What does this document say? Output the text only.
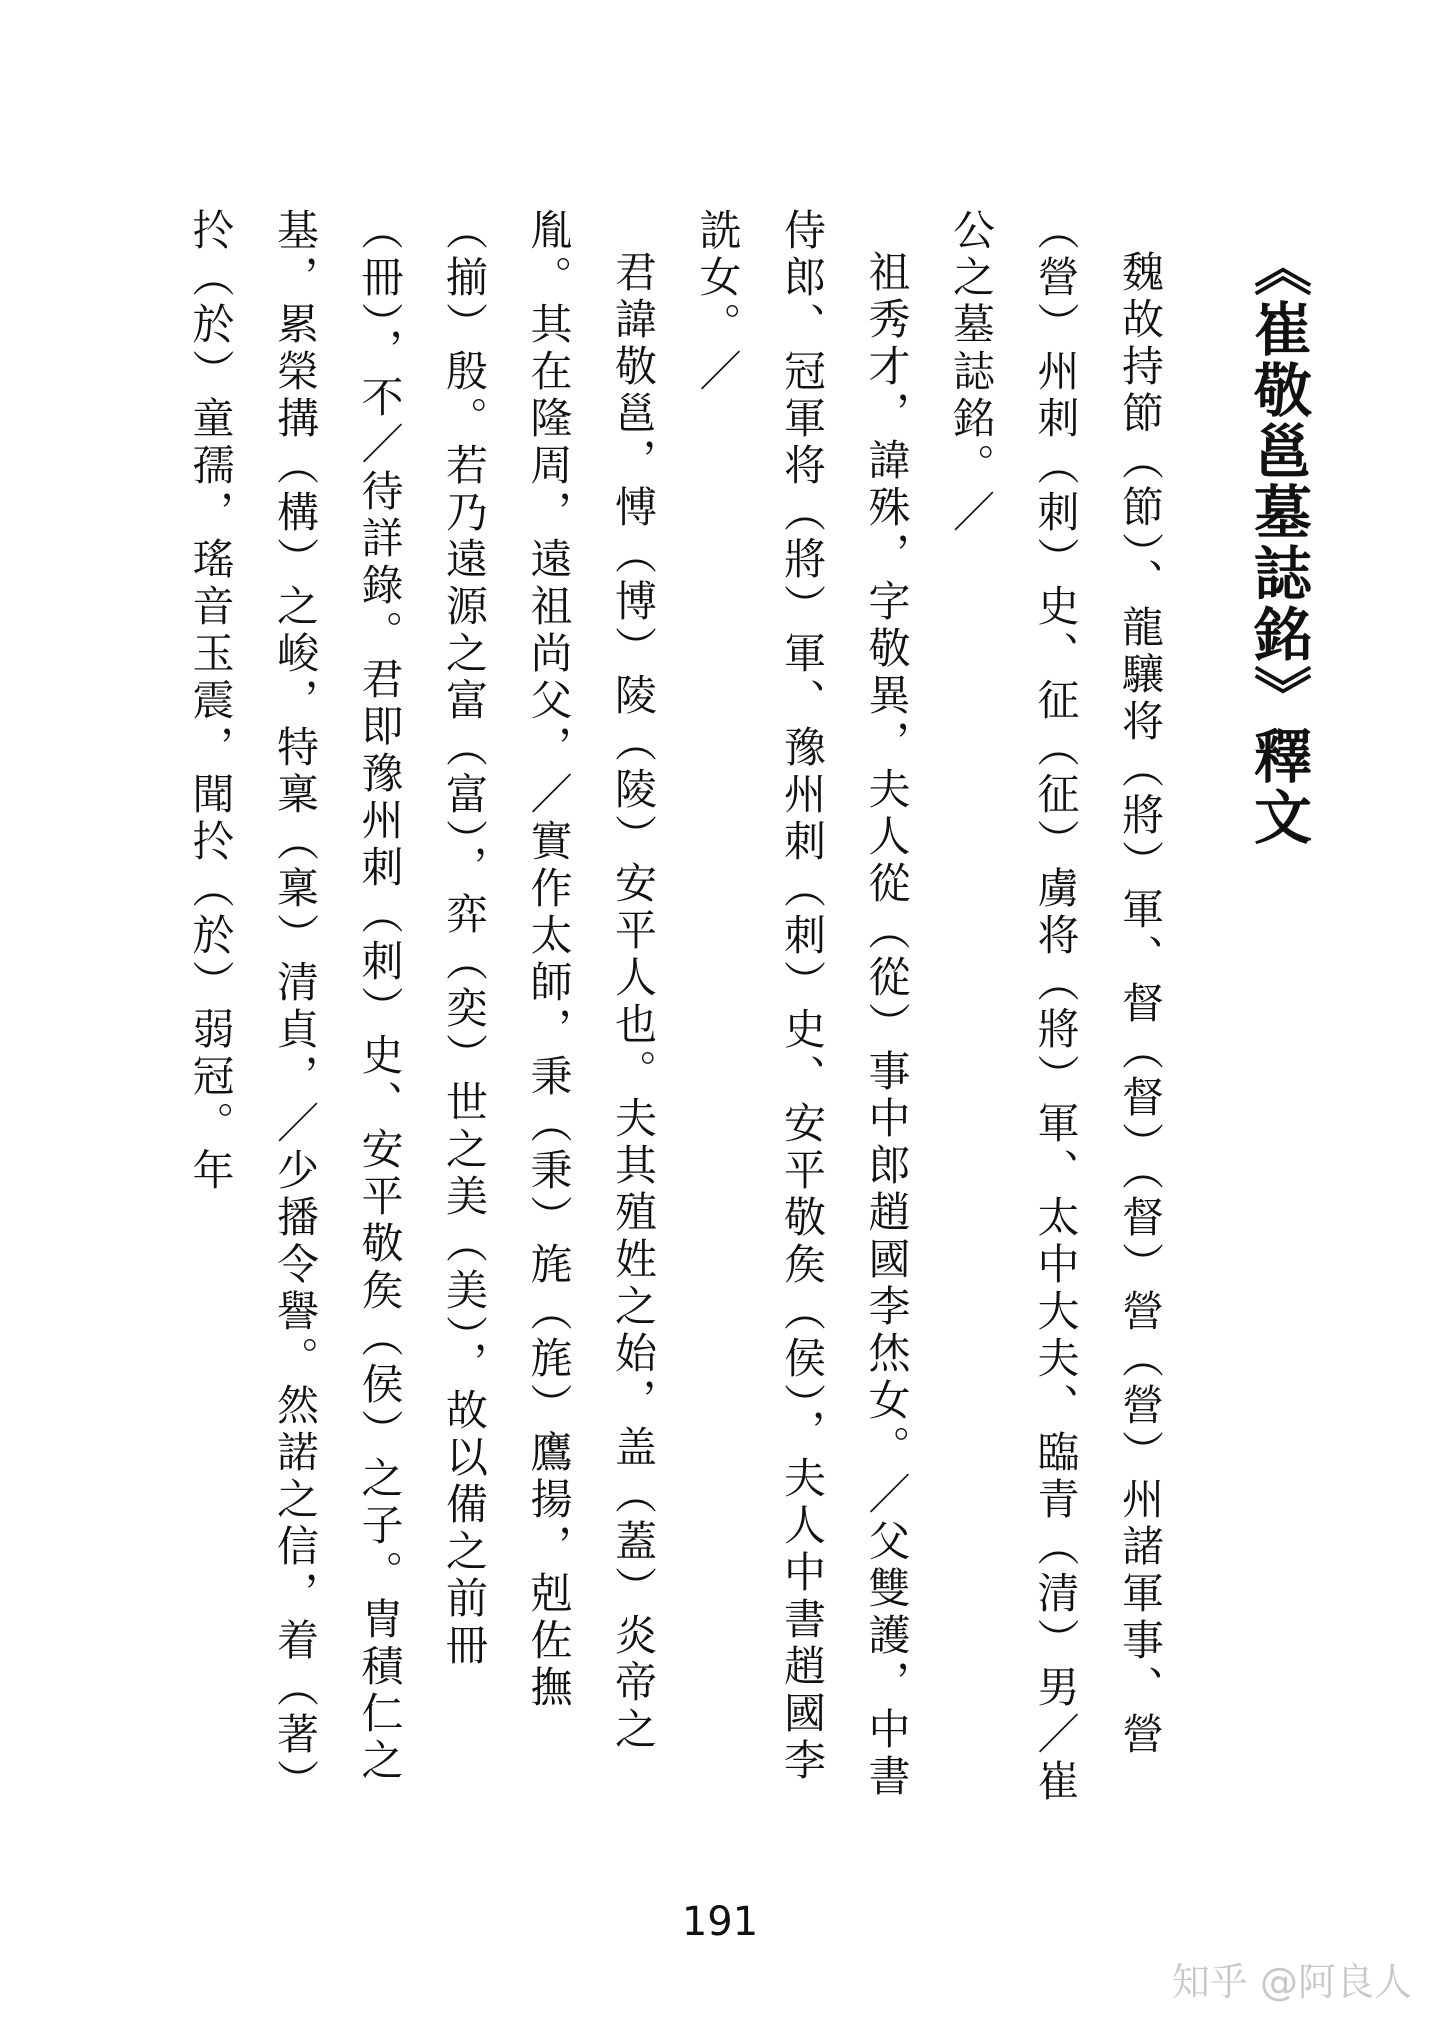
《崔敬邕墓誌銘》釋文

魏故持節（節）、龍驤将（將）軍、督（督）（督）營（營）州諸軍事、營（營）州刺（刺）史、征（征）虜将（將）軍、太中大夫、臨青（清）男／崔公之墓誌銘。／

祖秀才，諱殊，字敬異，夫人從（從）事中郎趙國李烋女。／父雙護，中書侍郎、冠軍将（將）軍、豫州刺（刺）史、安平敬矦（侯），夫人中書趙國李詵女。／

君諱敬邕，愽（博）陵（陵）安平人也。夫其殖姓之始，盖（蓋）炎帝之胤。其在隆周，遠祖尚父，／實作太師，秉（秉）旄（旄）鷹揚，剋佐撫（揃）殷。若乃遠源之富（富），弈（奕）世之美（美），故以備之前冊（冊），不／待詳錄。君即豫州刺（刺）史、安平敬矦（侯）之子。冑積仁之基，累榮搆（構）之峻，特稟（稟）清貞，／少播令譽。然諾之信，着（著）扵（於）童孺，瑤音玉震，聞扵（於）弱冠。年

191
知乎 @阿良人
